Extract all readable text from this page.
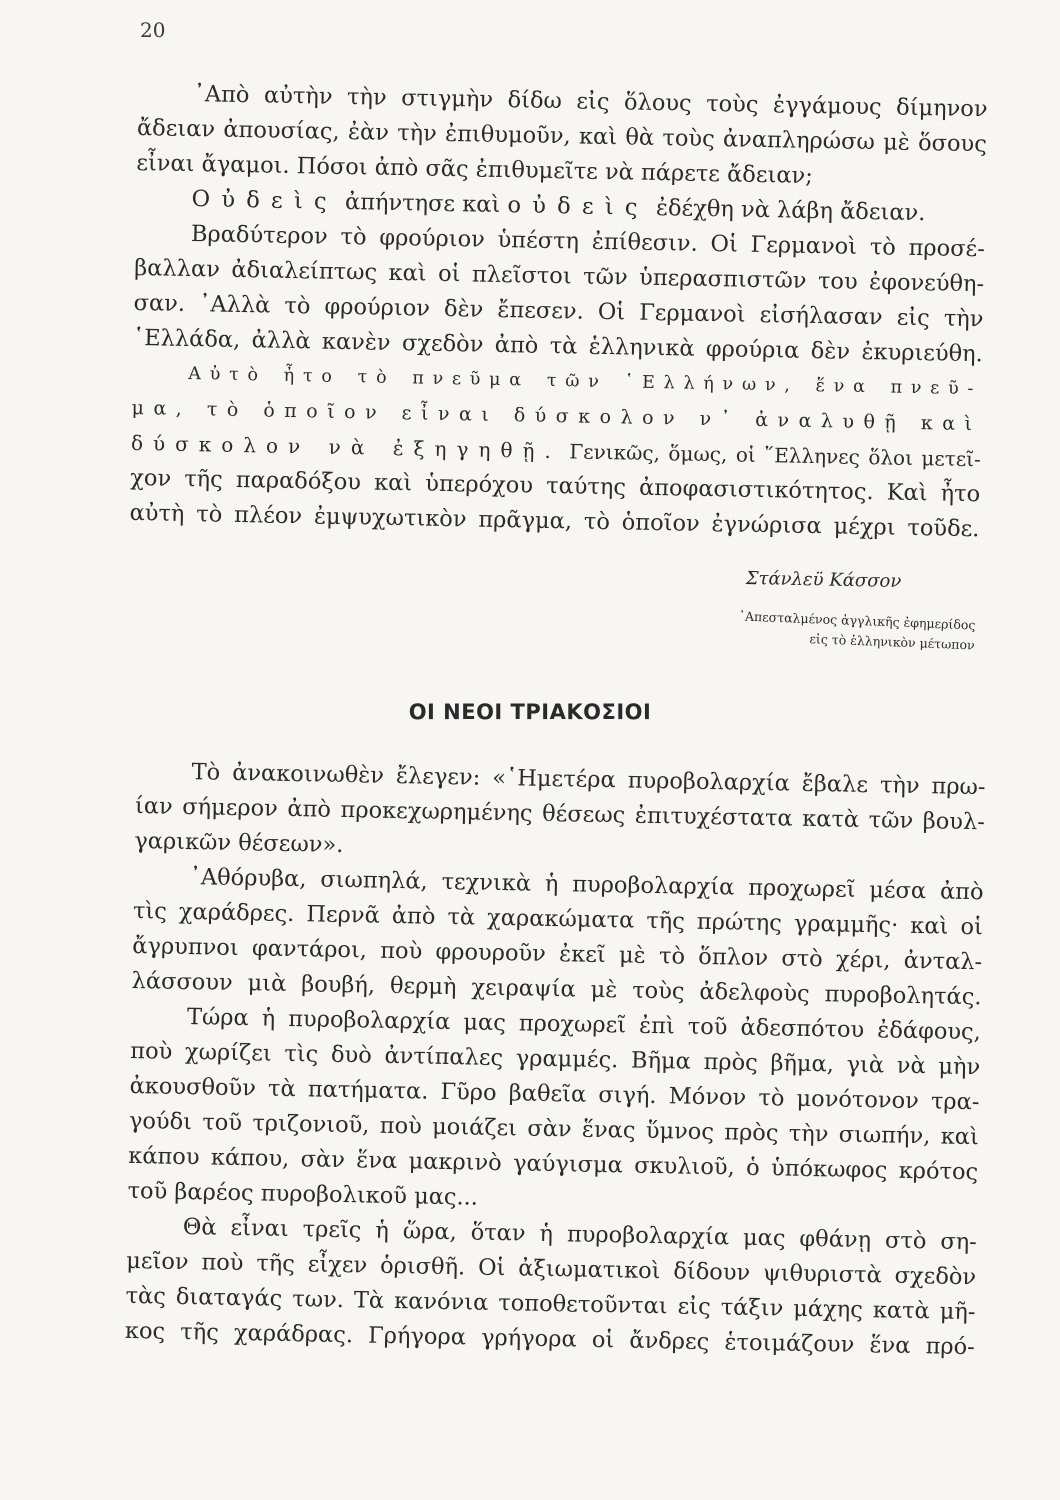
20
᾽Απὸ αὐτὴν τὴν στιγμὴν δίδω εἰς ὅλους τοὺς ἐγγάμους δίμηνον
ἄδειαν ἀπουσίας, ἐὰν τὴν ἐπιθυμοῦν, καὶ θὰ τοὺς ἀναπληρώσω μὲ ὅσους
εἶναι ἄγαμοι. Πόσοι ἀπὸ σᾶς ἐπιθυμεῖτε νὰ πάρετε ἄδειαν;
Οὐδεὶς ἀπήντησε καὶ οὐδεὶς ἐδέχθη νὰ λάβη ἄδειαν.
Βραδύτερον τὸ φρούριον ὑπέστη ἐπίθεσιν. Οἱ Γερμανοὶ τὸ προσέ-
βαλλαν ἀδιαλείπτως καὶ οἱ πλεῖστοι τῶν ὑπερασπιστῶν του ἐφονεύθη-
σαν. ᾽Αλλὰ τὸ φρούριον δὲν ἔπεσεν. Οἱ Γερμανοὶ εἰσήλασαν εἰς τὴν
῾Ελλάδα, ἀλλὰ κανὲν σχεδὸν ἀπὸ τὰ ἑλληνικὰ φρούρια δὲν ἐκυριεύθη.
Αὐτὸ ἦτο τὸ πνεῦμα τῶν ῾Ελλήνων, ἕνα πνεῦ-
μα, τὸ ὁποῖον εἶναι δύσκολον ν᾽ ἀναλυθῇ καὶ
δύσκολον νὰ ἐξηγηθῇ. Γενικῶς, ὅμως, οἱ ῞Ελληνες ὅλοι μετεῖ-
χον τῆς παραδόξου καὶ ὑπερόχου ταύτης ἀποφασιστικότητος. Καὶ ἦτο
αὐτὴ τὸ πλέον ἐμψυχωτικὸν πρᾶγμα, τὸ ὁποῖον ἐγνώρισα μέχρι τοῦδε.
Στάνλεϋ Κάσσον
᾽Απεσταλμένος ἀγγλικῆς ἐφημερίδος
εἰς τὸ ἑλληνικὸν μέτωπον
ΟΙ ΝΕΟΙ ΤΡΙΑΚΟΣΙΟΙ
Τὸ ἀνακοινωθὲν ἔλεγεν: «῾Ημετέρα πυροβολαρχία ἔβαλε τὴν πρω-
ίαν σήμερον ἀπὸ προκεχωρημένης θέσεως ἐπιτυχέστατα κατὰ τῶν βουλ-
γαρικῶν θέσεων».
᾽Αθόρυβα, σιωπηλά, τεχνικὰ ἡ πυροβολαρχία προχωρεῖ μέσα ἀπὸ
τὶς χαράδρες. Περνᾶ ἀπὸ τὰ χαρακώματα τῆς πρώτης γραμμῆς· καὶ οἱ
ἄγρυπνοι φαντάροι, ποὺ φρουροῦν ἐκεῖ μὲ τὸ ὅπλον στὸ χέρι, ἀνταλ-
λάσσουν μιὰ βουβή, θερμὴ χειραψία μὲ τοὺς ἀδελφοὺς πυροβολητάς.
Τώρα ἡ πυροβολαρχία μας προχωρεῖ ἐπὶ τοῦ ἀδεσπότου ἐδάφους,
ποὺ χωρίζει τὶς δυὸ ἀντίπαλες γραμμές. Βῆμα πρὸς βῆμα, γιὰ νὰ μὴν
ἀκουσθοῦν τὰ πατήματα. Γῦρο βαθεῖα σιγή. Μόνον τὸ μονότονον τρα-
γούδι τοῦ τριζονιοῦ, ποὺ μοιάζει σὰν ἕνας ὕμνος πρὸς τὴν σιωπήν, καὶ
κάπου κάπου, σὰν ἕνα μακρινὸ γαύγισμα σκυλιοῦ, ὁ ὑπόκωφος κρότος
τοῦ βαρέος πυροβολικοῦ μας...
Θὰ εἶναι τρεῖς ἡ ὥρα, ὅταν ἡ πυροβολαρχία μας φθάνῃ στὸ ση-
μεῖον ποὺ τῆς εἶχεν ὁρισθῆ. Οἱ ἀξιωματικοὶ δίδουν ψιθυριστὰ σχεδὸν
τὰς διαταγάς των. Τὰ κανόνια τοποθετοῦνται εἰς τάξιν μάχης κατὰ μῆ-
κος τῆς χαράδρας. Γρήγορα γρήγορα οἱ ἄνδρες ἑτοιμάζουν ἕνα πρό-
